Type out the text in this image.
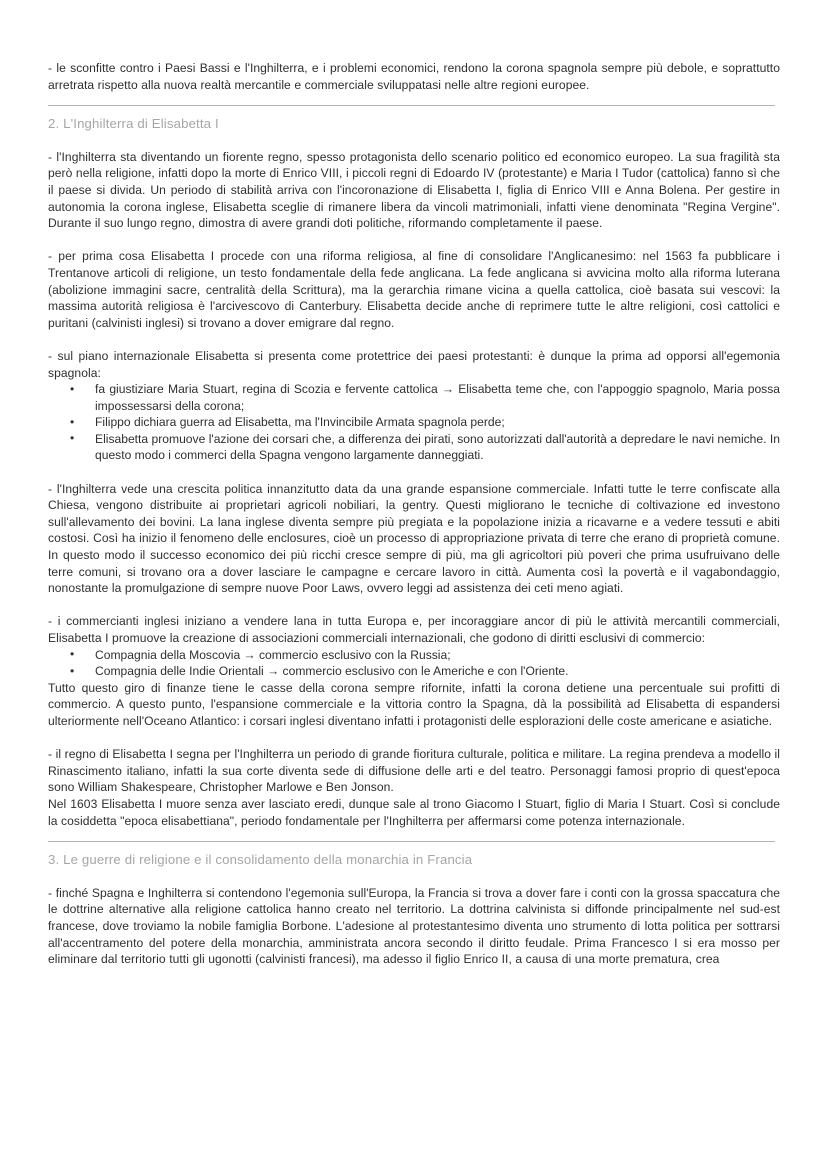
- le sconfitte contro i Paesi Bassi e l'Inghilterra, e i problemi economici, rendono la corona spagnola sempre più debole, e soprattutto arretrata rispetto alla nuova realtà mercantile e commerciale sviluppatasi nelle altre regioni europee.

2. L'Inghilterra di Elisabetta I

- l'Inghilterra sta diventando un fiorente regno, spesso protagonista dello scenario politico ed economico europeo. La sua fragilità sta però nella religione, infatti dopo la morte di Enrico VIII, i piccoli regni di Edoardo IV (protestante) e Maria I Tudor (cattolica) fanno sì che il paese si divida. Un periodo di stabilità arriva con l'incoronazione di Elisabetta I, figlia di Enrico VIII e Anna Bolena. Per gestire in autonomia la corona inglese, Elisabetta sceglie di rimanere libera da vincoli matrimoniali, infatti viene denominata "Regina Vergine". Durante il suo lungo regno, dimostra di avere grandi doti politiche, riformando completamente il paese.

- per prima cosa Elisabetta I procede con una riforma religiosa, al fine di consolidare l'Anglicanesimo: nel 1563 fa pubblicare i Trentanove articoli di religione, un testo fondamentale della fede anglicana. La fede anglicana si avvicina molto alla riforma luterana (abolizione immagini sacre, centralità della Scrittura), ma la gerarchia rimane vicina a quella cattolica, cioè basata sui vescovi: la massima autorità religiosa è l'arcivescovo di Canterbury. Elisabetta decide anche di reprimere tutte le altre religioni, così cattolici e puritani (calvinisti inglesi) si trovano a dover emigrare dal regno.

- sul piano internazionale Elisabetta si presenta come protettrice dei paesi protestanti: è dunque la prima ad opporsi all'egemonia spagnola:

• fa giustiziare Maria Stuart, regina di Scozia e fervente cattolica → Elisabetta teme che, con l'appoggio spagnolo, Maria possa impossessarsi della corona;
• Filippo dichiara guerra ad Elisabetta, ma l'Invincibile Armata spagnola perde;
• Elisabetta promuove l'azione dei corsari che, a differenza dei pirati, sono autorizzati dall'autorità a depredare le navi nemiche. In questo modo i commerci della Spagna vengono largamente danneggiati.

- l'Inghilterra vede una crescita politica innanzitutto data da una grande espansione commerciale. Infatti tutte le terre confiscate alla Chiesa, vengono distribuite ai proprietari agricoli nobiliari, la gentry. Questi migliorano le tecniche di coltivazione ed investono sull'allevamento dei bovini. La lana inglese diventa sempre più pregiata e la popolazione inizia a ricavarne e a vedere tessuti e abiti costosi. Così ha inizio il fenomeno delle enclosures, cioè un processo di appropriazione privata di terre che erano di proprietà comune. In questo modo il successo economico dei più ricchi cresce sempre di più, ma gli agricoltori più poveri che prima usufruivano delle terre comuni, si trovano ora a dover lasciare le campagne e cercare lavoro in città. Aumenta così la povertà e il vagabondaggio, nonostante la promulgazione di sempre nuove Poor Laws, ovvero leggi ad assistenza dei ceti meno agiati.

- i commercianti inglesi iniziano a vendere lana in tutta Europa e, per incoraggiare ancor di più le attività mercantili commerciali, Elisabetta I promuove la creazione di associazioni commerciali internazionali, che godono di diritti esclusivi di commercio:

• Compagnia della Moscovia → commercio esclusivo con la Russia;
• Compagnia delle Indie Orientali → commercio esclusivo con le Americhe e con l'Oriente.

Tutto questo giro di finanze tiene le casse della corona sempre rifornite, infatti la corona detiene una percentuale sui profitti di commercio. A questo punto, l'espansione commerciale e la vittoria contro la Spagna, dà la possibilità ad Elisabetta di espandersi ulteriormente nell'Oceano Atlantico: i corsari inglesi diventano infatti i protagonisti delle esplorazioni delle coste americane e asiatiche.

- il regno di Elisabetta I segna per l'Inghilterra un periodo di grande fioritura culturale, politica e militare. La regina prendeva a modello il Rinascimento italiano, infatti la sua corte diventa sede di diffusione delle arti e del teatro. Personaggi famosi proprio di quest'epoca sono William Shakespeare, Christopher Marlowe e Ben Jonson.

Nel 1603 Elisabetta I muore senza aver lasciato eredi, dunque sale al trono Giacomo I Stuart, figlio di Maria I Stuart. Così si conclude la cosiddetta "epoca elisabettiana", periodo fondamentale per l'Inghilterra per affermarsi come potenza internazionale.

3. Le guerre di religione e il consolidamento della monarchia in Francia

- finché Spagna e Inghilterra si contendono l'egemonia sull'Europa, la Francia si trova a dover fare i conti con la grossa spaccatura che le dottrine alternative alla religione cattolica hanno creato nel territorio. La dottrina calvinista si diffonde principalmente nel sud-est francese, dove troviamo la nobile famiglia Borbone. L'adesione al protestantesimo diventa uno strumento di lotta politica per sottrarsi all'accentramento del potere della monarchia, amministrata ancora secondo il diritto feudale. Prima Francesco I si era mosso per eliminare dal territorio tutti gli ugonotti (calvinisti francesi), ma adesso il figlio Enrico II, a causa di una morte prematura, crea
